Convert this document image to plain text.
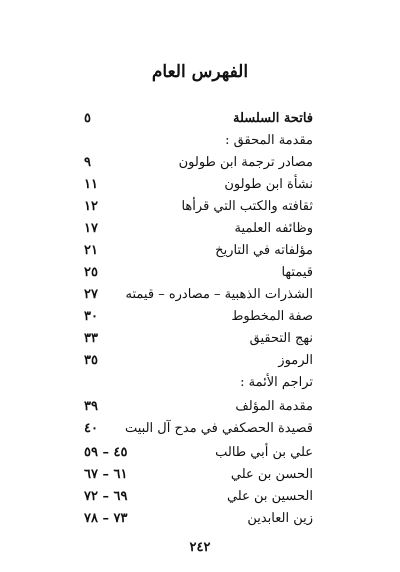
الفهرس العام
فاتحة السلسلة
٥
مقدمة المحقق :
مصادر ترجمة ابن طولون
٩
نشأة ابن طولون
١١
ثقافته والكتب التي قرأها
١٢
وظائفه العلمية
١٧
مؤلفاته في التاريخ
٢١
قيمتها
٢٥
الشذرات الذهبية – مصادره – قيمته
٢٧
صفة المخطوط
٣٠
نهج التحقيق
٣٣
الرموز
٣٥
تراجم الأئمة :
مقدمة المؤلف
٣٩
قصيدة الحصكفي في مدح آل البيت
٤٠
علي بن أبي طالب
٤٥ – ٥٩
الحسن بن علي
٦١ – ٦٧
الحسين بن علي
٦٩ – ٧٢
زين العابدين
٧٣ – ٧٨
٢٤٢
